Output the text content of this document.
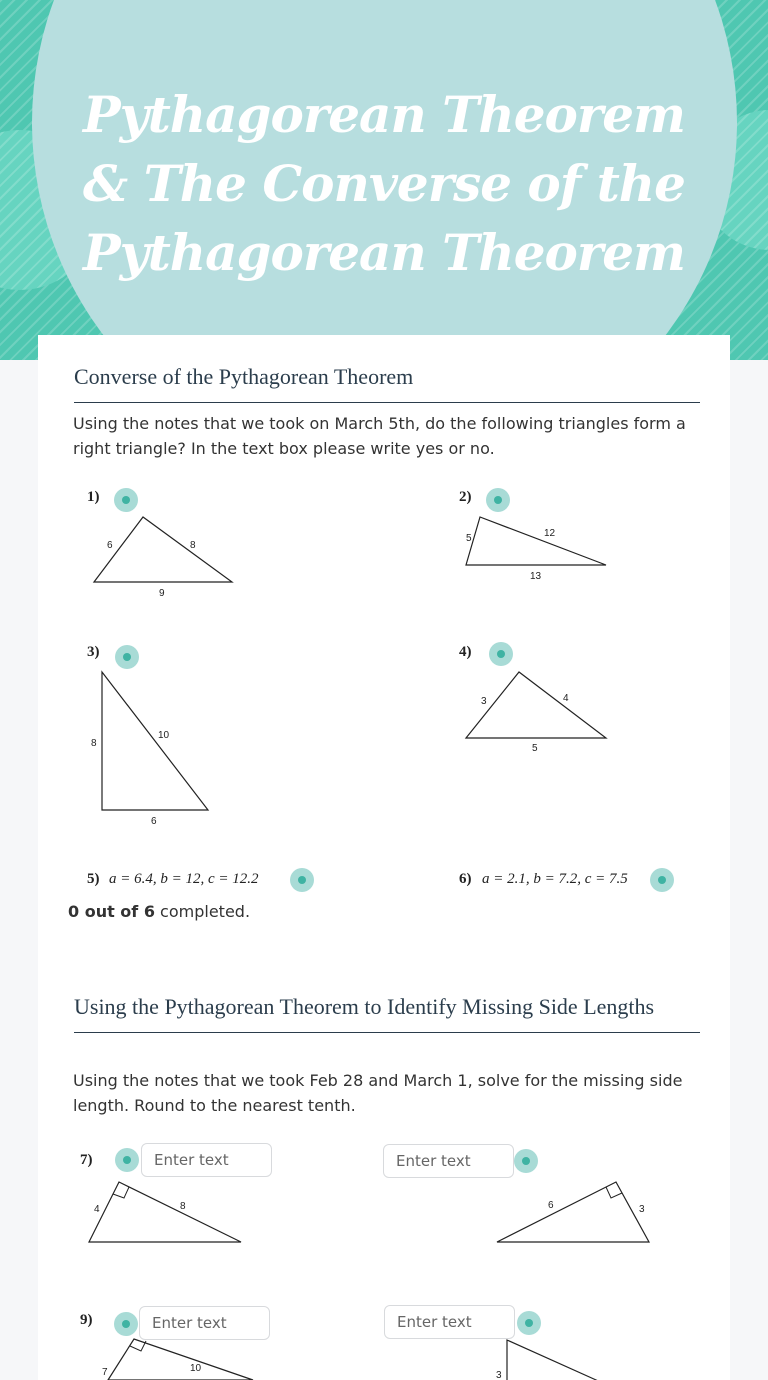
Pythagorean Theorem
& The Converse of the
Pythagorean Theorem
Converse of the Pythagorean Theorem
Using the notes that we took on March 5th, do the following triangles form a right triangle? In the text box please write yes or no.
1)
6	8
9
2)
5	12
13
3)
8
10
6
4)
3	4
5
5) a = 6.4, b = 12, c = 12.2	6) a = 2.1, b = 7.2, c = 7.5
0 out of 6 completed.
Using the Pythagorean Theorem to Identify Missing Side Lengths
Using the notes that we took Feb 28 and March 1, solve for the missing side length. Round to the nearest tenth.
7)
Enter text
4	8
Enter text	6	3
9)
Enter text
7	10
Enter text
3
